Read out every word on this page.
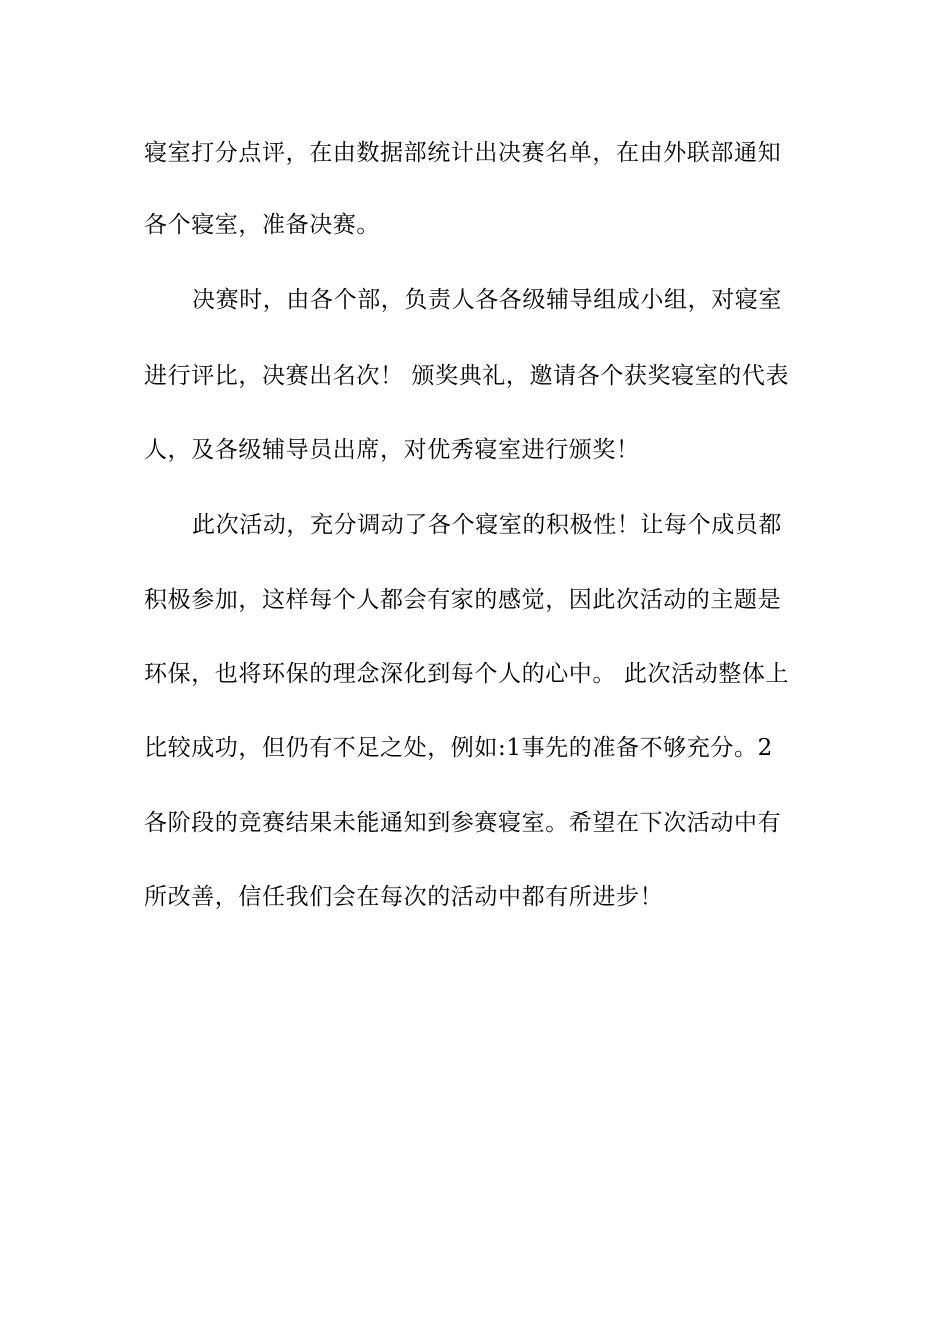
寝室打分点评，在由数据部统计出决赛名单，在由外联部通知
各个寝室，准备决赛。
决赛时，由各个部，负责人各各级辅导组成小组，对寝室
进行评比，决赛出名次！ 颁奖典礼，邀请各个获奖寝室的代表
人，及各级辅导员出席，对优秀寝室进行颁奖！
此次活动，充分调动了各个寝室的积极性！让每个成员都
积极参加，这样每个人都会有家的感觉，因此次活动的主题是
环保，也将环保的理念深化到每个人的心中。 此次活动整体上
比较成功，但仍有不足之处，例如:1事先的准备不够充分。2
各阶段的竞赛结果未能通知到参赛寝室。希望在下次活动中有
所改善，信任我们会在每次的活动中都有所进步！
